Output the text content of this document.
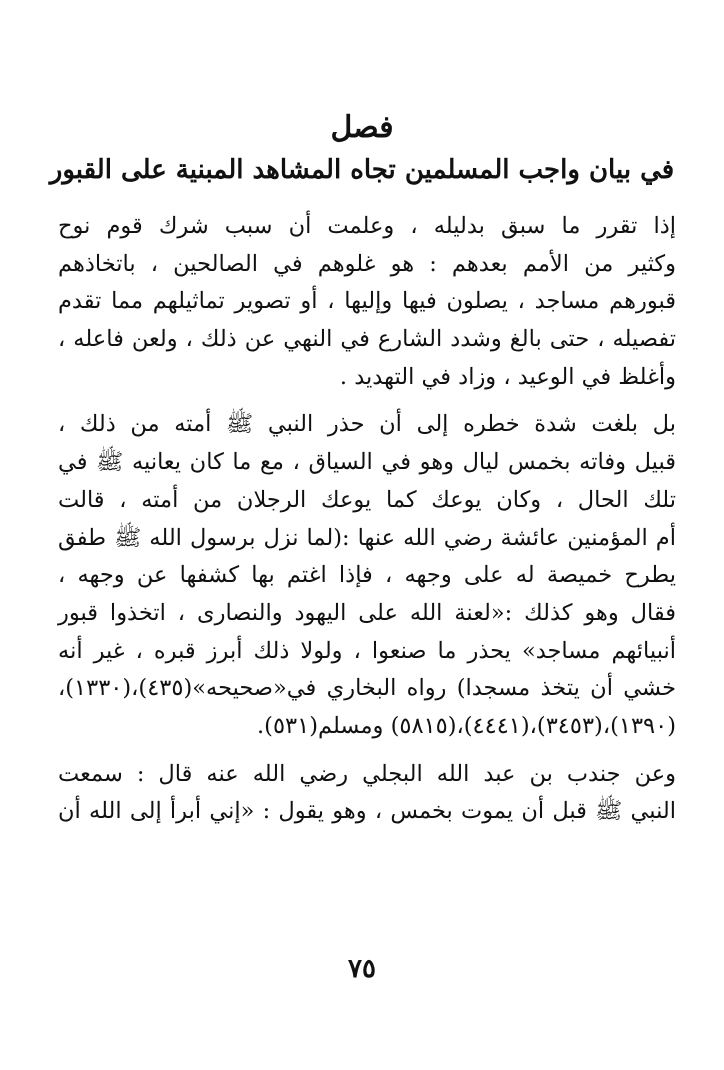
فصل
في بيان واجب المسلمين تجاه المشاهد المبنية على القبور
إذا تقرر ما سبق بدليله ، وعلمت أن سبب شرك قوم نوح
وكثير من الأمم بعدهم : هو غلوهم في الصالحين ، باتخاذهم
قبورهم مساجد ، يصلون فيها وإليها ، أو تصوير تماثيلهم مما تقدم
تفصيله ، حتى بالغ وشدد الشارع في النهي عن ذلك ، ولعن فاعله ،
وأغلظ في الوعيد ، وزاد في التهديد .
بل بلغت شدة خطره إلى أن حذر النبي ﷺ أمته من ذلك ،
قبيل وفاته بخمس ليال وهو في السياق ، مع ما كان يعانيه ﷺ في
تلك الحال ، وكان يوعك كما يوعك الرجلان من أمته ، قالت
أم المؤمنين عائشة رضي الله عنها :(لما نزل برسول الله ﷺ طفق
يطرح خميصة له على وجهه ، فإذا اغتم بها كشفها عن وجهه ،
فقال وهو كذلك :«لعنة الله على اليهود والنصارى ، اتخذوا قبور
أنبيائهم مساجد» يحذر ما صنعوا ، ولولا ذلك أبرز قبره ، غير أنه
خشي أن يتخذ مسجدا) رواه البخاري في«صحيحه»(٤٣٥)،(١٣٣٠)،
(١٣٩٠)،(٣٤٥٣)،(٤٤٤١)،(٥٨١٥) ومسلم(٥٣١).
وعن جندب بن عبد الله البجلي رضي الله عنه قال : سمعت
النبي ﷺ قبل أن يموت بخمس ، وهو يقول : «إني أبرأ إلى الله أن
٧٥
